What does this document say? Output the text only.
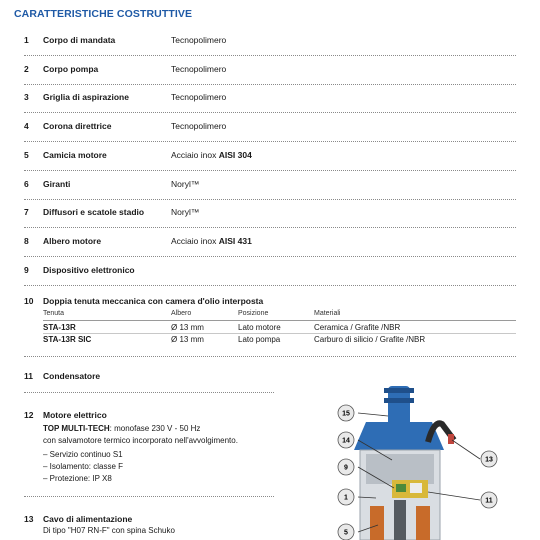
CARATTERISTICHE COSTRUTTIVE
1	Corpo di mandata	Tecnopolimero
2	Corpo pompa	Tecnopolimero
3	Griglia di aspirazione	Tecnopolimero
4	Corona direttrice	Tecnopolimero
5	Camicia motore	Acciaio inox AISI 304
6	Giranti	Noryl™
7	Diffusori e scatole stadio	Noryl™
8	Albero motore	Acciaio inox AISI 431
9	Dispositivo elettronico
10 Doppia tenuta meccanica con camera d'olio interposta
Tenuta	Albero	Posizione	Materiali
STA-13R	Ø 13 mm	Lato motore	Ceramica / Grafite /NBR
STA-13R SIC	Ø 13 mm	Lato pompa	Carburo di silicio / Grafite /NBR
11 Condensatore
12 Motore elettrico
TOP MULTI-TECH: monofase 230 V - 50 Hz
con salvamotore termico incorporato nell'avvolgimento.
– Servizio continuo S1
– Isolamento: classe F
– Protezione: IP X8
13 Cavo di alimentazione
Di tipo "H07 RN-F" con spina Schuko
15
14
9
1
5
13
11
